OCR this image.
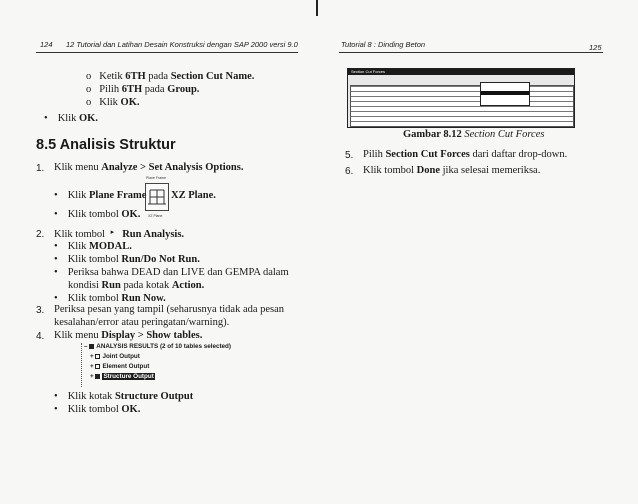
124 12 Tutorial dan Latihan Desain Konstruksi dengan SAP 2000 versi 9.0
o Ketik 6TH pada Section Cut Name.
o Pilih 6TH pada Group.
o Klik OK.
• Klik OK.
8.5 Analisis Struktur
1. Klik menu Analyze > Set Analysis Options.
Plane Frame
XZ Plane
• Klik Plane Frame XZ Plane.
• Klik tombol OK.
2. Klik tombol ▸ Run Analysis.
• Klik MODAL.
• Klik tombol Run/Do Not Run.
• Periksa bahwa DEAD dan LIVE dan GEMPA dalam
kondisi Run pada kotak Action.
• Klik tombol Run Now.
3. Periksa pesan yang tampil (seharusnya tidak ada pesan
kesalahan/error atau peringatan/warning).
4. Klik menu Display > Show tables.
– ANALYSIS RESULTS (2 of 10 tables selected)
+ Joint Output
+ Element Output
+ Structure Output
• Klik kotak Structure Output
• Klik tombol OK.
Tutorial 8 : Dinding Beton	125
Section Cut Forces
Gambar 8.12 Section Cut Forces
5. Pilih Section Cut Forces dari daftar drop-down.
6. Klik tombol Done jika selesai memeriksa.
